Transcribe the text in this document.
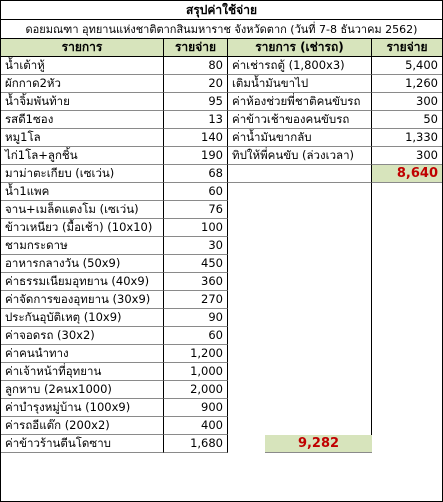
สรุปค่าใช้จ่าย
ดอยมณฑา อุทยานแห่งชาติตากสินมหาราช จังหวัดตาก (วันที่ 7-8 ธันวาคม 2562)
รายการ
น้ำเต้าหู้
ผักกาด2หัว
น้ำจิ้มพันท้าย
รสดี1ซอง
หมู1โล
ไก่1โล+ลูกชิ้น
มาม่าตะเกียบ (เซเว่น)
น้ำ1แพค
จาน+เมล็ดแตงโม (เซเว่น)
ข้าวเหนียว (มื้อเช้า) (10x10)
ชามกระดาษ
อาหารกลางวัน (50x9)
ค่าธรรมเนียมอุทยาน (40x9)
ค่าจัดการของอุทยาน (30x9)
ประกันอุบัติเหตุ (10x9)
ค่าจอดรถ (30x2)
ค่าคนนำทาง
ค่าเจ้าหน้าที่อุทยาน
ลูกหาบ (2คนx1000)
ค่าบำรุงหมู่บ้าน (100x9)
ค่ารถอีแต๊ก (200x2)
ค่าข้าวร้านตีนโดซาบ
รายจ่าย
80
20
95
13
140
190
68
60
76
100
30
450
360
270
90
60
1,200
1,000
2,000
900
400
1,680
รายการ (เช่ารถ)
ค่าเช่ารถตู้ (1,800x3)
เติมน้ำมันขาไป
ค่าห้องช่วยพี่ชาติคนขับรถ
ค่าข้าวเช้าของคนขับรถ
ค่าน้ำมันขากลับ
ทิปให้พี่คนขับ (ล่วงเวลา)
รายจ่าย
5,400
1,260
300
50
1,330
300
8,640
9,282
